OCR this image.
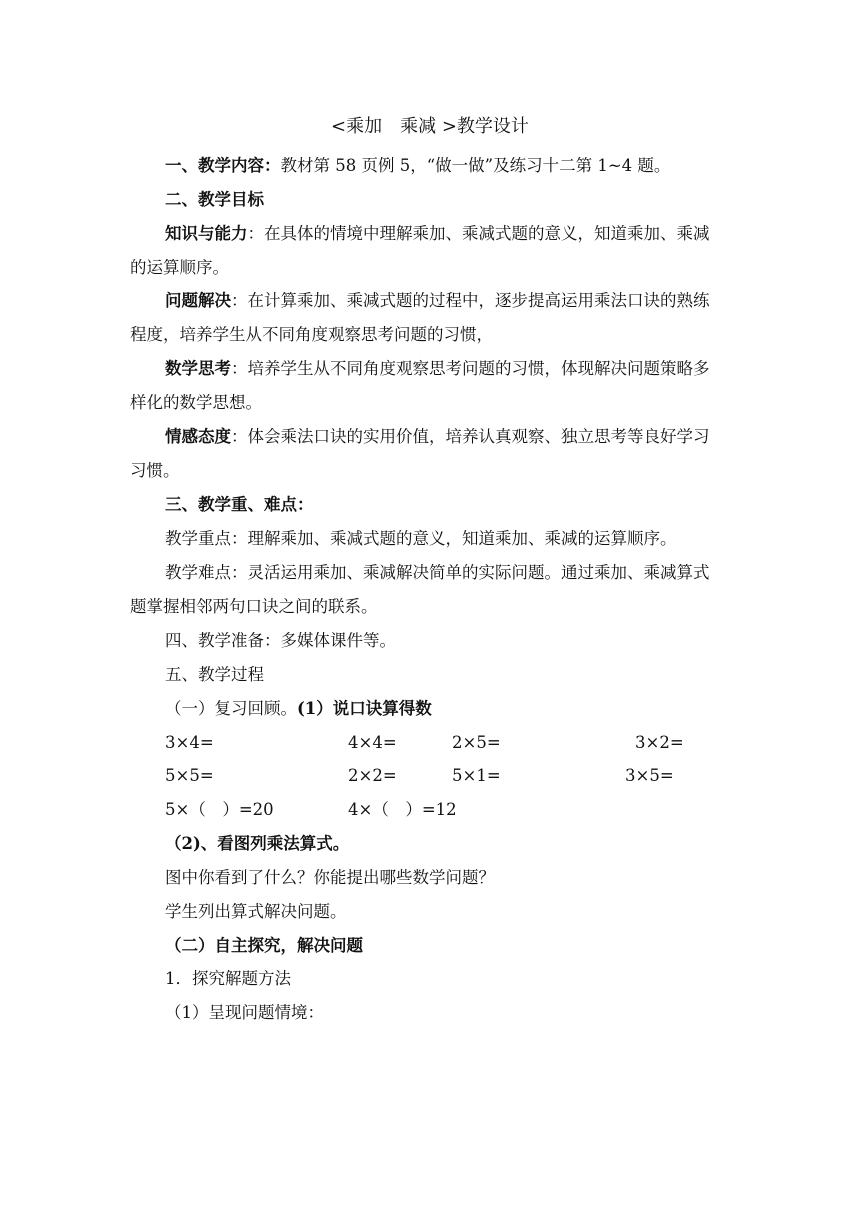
<乘加　乘减 >教学设计
一、教学内容：教材第 58 页例 5，“做一做”及练习十二第 1~4 题。
二、教学目标
知识与能力：在具体的情境中理解乘加、乘减式题的意义，知道乘加、乘减
的运算顺序。
问题解决：在计算乘加、乘减式题的过程中，逐步提高运用乘法口诀的熟练
程度，培养学生从不同角度观察思考问题的习惯，
数学思考：培养学生从不同角度观察思考问题的习惯，体现解决问题策略多
样化的数学思想。
情感态度：体会乘法口诀的实用价值，培养认真观察、独立思考等良好学习
习惯。
三、教学重、难点：
教学重点：理解乘加、乘减式题的意义，知道乘加、乘减的运算顺序。
教学难点：灵活运用乘加、乘减解决简单的实际问题。通过乘加、乘减算式
题掌握相邻两句口诀之间的联系。
四、教学准备：多媒体课件等。
五、教学过程
（一）复习回顾。(1）说口诀算得数
3×4=	4×4=	2×5=	3×2=
5×5=	2×2=	5×1=	3×5=
5×（　）=20	4×（　）=12
（2)、看图列乘法算式。
图中你看到了什么？你能提出哪些数学问题？
学生列出算式解决问题。
（二）自主探究，解决问题
1．探究解题方法
（1）呈现问题情境：
